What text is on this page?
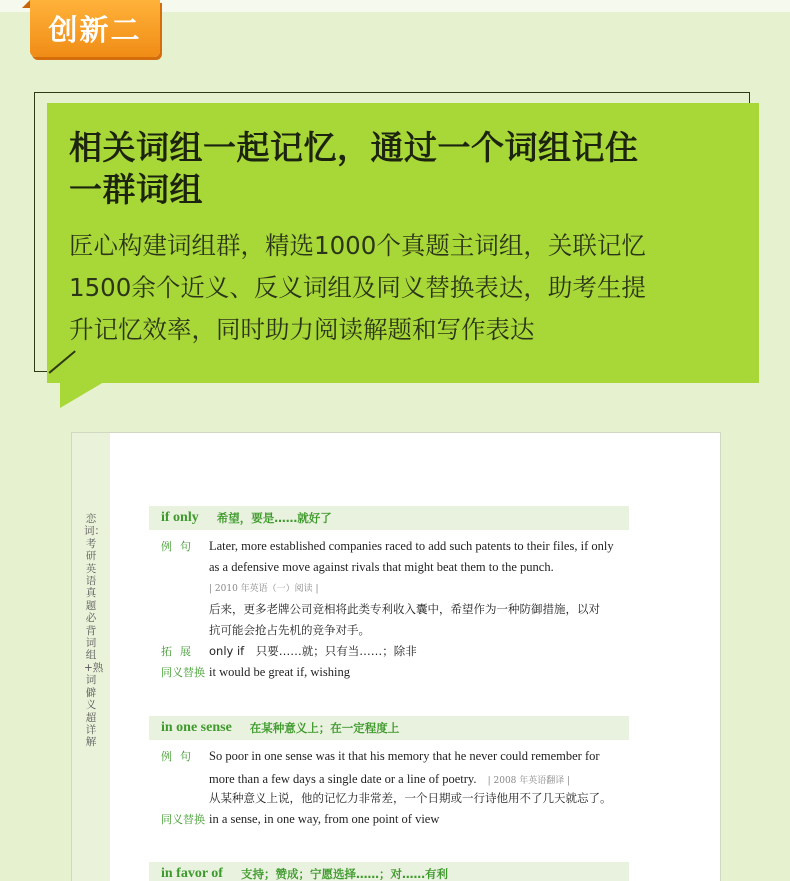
创新二
相关词组一起记忆，通过一个词组记住
一群词组
匠心构建词组群，精选1000个真题主词组，关联记忆
1500余个近义、反义词组及同义替换表达，助考生提
升记忆效率，同时助力阅读解题和写作表达
恋词：考研英语真题必背词组+熟词僻义超详解
if only 希望，要是……就好了
例句 Later, more established companies raced to add such patents to their files, if only
as a defensive move against rivals that might beat them to the punch.
| 2010 年英语（一）阅读 |
后来，更多老牌公司竞相将此类专利收入囊中，希望作为一种防御措施，以对
抗可能会抢占先机的竞争对手。
拓展 only if　只要……就；只有当……；除非
同义替换 it would be great if, wishing
in one sense 在某种意义上；在一定程度上
例句 So poor in one sense was it that his memory that he never could remember for
more than a few days a single date or a line of poetry. | 2008 年英语翻译 |
从某种意义上说，他的记忆力非常差，一个日期或一行诗他用不了几天就忘了。
同义替换 in a sense, in one way, from one point of view
in favor of 支持；赞成；宁愿选择……；对……有利
